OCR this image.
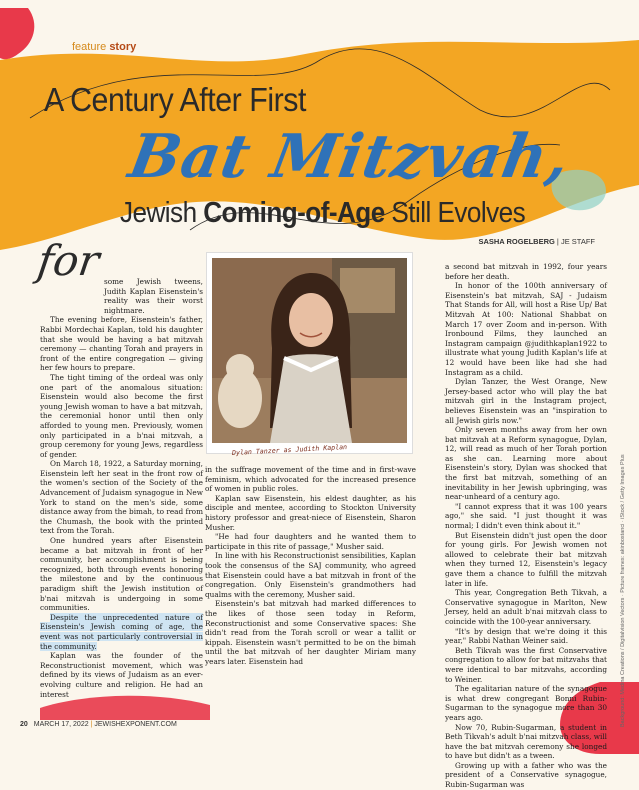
feature story
A Century After First
Bat Mitzvah,
Jewish Coming-of-Age Still Evolves
SASHA ROGELBERG | JE STAFF
for some Jewish tweens, Judith Kaplan Eisenstein's reality was their worst nightmare.

The evening before, Eisenstein's father, Rabbi Mordechai Kaplan, told his daughter that she would be having a bat mitzvah ceremony — chanting Torah and prayers in front of the entire congregation — giving her few hours to prepare.

The tight timing of the ordeal was only one part of the anomalous situation: Eisenstein would also become the first young Jewish woman to have a bat mitzvah, the ceremonial honor until then only afforded to young men. Previously, women only participated in a b'nai mitzvah, a group ceremony for young Jews, regardless of gender.

On March 18, 1922, a Saturday morning, Eisenstein left her seat in the front row of the women's section of the Society of the Advancement of Judaism synagogue in New York to stand on the men's side, some distance away from the bimah, to read from the Chumash, the book with the printed text from the Torah.

One hundred years after Eisenstein became a bat mitzvah in front of her community, her accomplishment is being recognized, both through events honoring the milestone and by the continuous paradigm shift the Jewish institution of b'nai mitzvah is undergoing in some communities.

Despite the unprecedented nature of Eisenstein's Jewish coming of age, the event was not particularly controversial in the community.

Kaplan was the founder of the Reconstructionist movement, which was defined by its views of Judaism as an ever-evolving culture and religion. He had an interest

Dylan Tanzer as Judith Kaplan

in the suffrage movement of the time and in first-wave feminism, which advocated for the increased presence of women in public roles.

Kaplan saw Eisenstein, his eldest daughter, as his disciple and mentee, according to Stockton University history professor and great-niece of Eisenstein, Sharon Musher.

"He had four daughters and he wanted them to participate in this rite of passage," Musher said.

In line with his Reconstructionist sensibilities, Kaplan took the consensus of the SAJ community, who agreed that Eisenstein could have a bat mitzvah in front of the congregation. Only Eisenstein's grandmothers had qualms with the ceremony, Musher said.

Eisenstein's bat mitzvah had marked differences to the likes of those seen today in Reform, Reconstructionist and some Conservative spaces: She didn't read from the Torah scroll or wear a tallit or kippah. Eisenstein wasn't permitted to be on the bimah until the bat mitzvah of her daughter Miriam many years later. Eisenstein had

a second bat mitzvah in 1992, four years before her death.

In honor of the 100th anniversary of Eisenstein's bat mitzvah, SAJ - Judaism That Stands for All, will host a Rise Up/ Bat Mitzvah At 100: National Shabbat on March 17 over Zoom and in-person. With Ironbound Films, they launched an Instagram campaign @judithkaplan1922 to illustrate what young Judith Kaplan's life at 12 would have been like had she had Instagram as a child.

Dylan Tanzer, the West Orange, New Jersey-based actor who will play the bat mitzvah girl in the Instagram project, believes Eisenstein was an "inspiration to all Jewish girls now."

Only seven months away from her own bat mitzvah at a Reform synagogue, Dylan, 12, will read as much of her Torah portion as she can. Learning more about Eisenstein's story, Dylan was shocked that the first bat mitzvah, something of an inevitability in her Jewish upbringing, was near-unheard of a century ago.

"I cannot express that it was 100 years ago," she said. "I just thought it was normal; I didn't even think about it."

But Eisenstein didn't just open the door for young girls. For Jewish women not allowed to celebrate their bat mitzvah when they turned 12, Eisenstein's legacy gave them a chance to fulfill the mitzvah later in life.

This year, Congregation Beth Tikvah, a Conservative synagogue in Marlton, New Jersey, held an adult b'nai mitzvah class to coincide with the 100-year anniversary.

"It's by design that we're doing it this year," Rabbi Nathan Weiner said.

Beth Tikvah was the first Conservative congregation to allow for bat mitzvahs that were identical to bar mitzvahs, according to Weiner.

The egalitarian nature of the synagogue is what drew congregant Bonni Rubin-Sugarman to the synagogue more than 30 years ago.

Now 70, Rubin-Sugarman, a student in Beth Tikvah's adult b'nai mitzvah class, will have the bat mitzvah ceremony she longed to have but didn't as a tween.

Growing up with a father who was the president of a Conservative synagogue, Rubin-Sugarman was

Background: Medina Creations / Digitalvision Vectors · Picture frames: akinbostanci · iStock / Getty Images Plus
20 MARCH 17, 2022 | JEWISHEXPONENT.COM
